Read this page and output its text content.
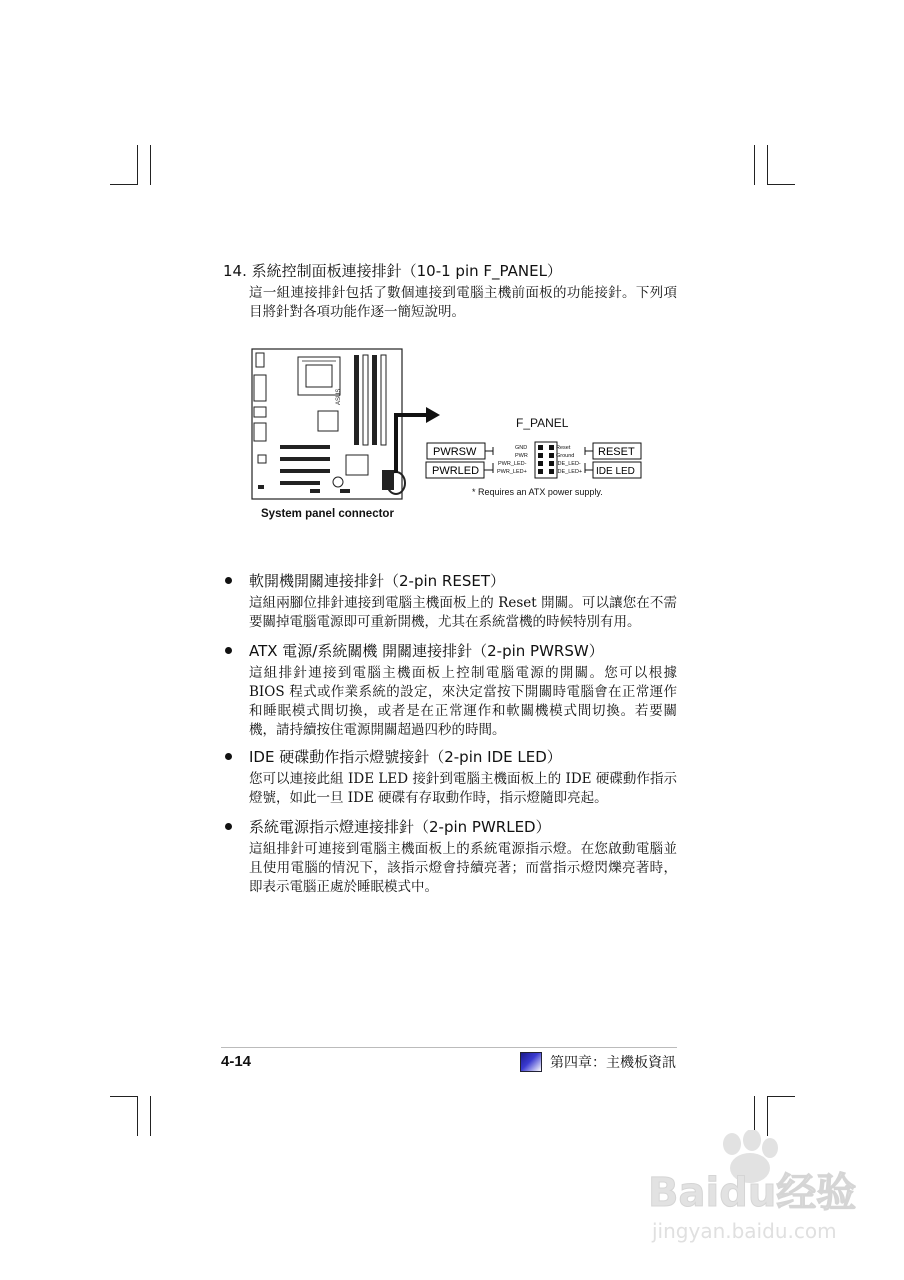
14. 系統控制面板連接排針（10-1 pin F_PANEL）
這一組連接排針包括了數個連接到電腦主機前面板的功能接針。下列項目將針對各項功能作逐一簡短說明。
ASUS
F_PANEL
PWRSW
PWRLED
RESET
IDE LED
GND
PWR
PWR_LED-
PWR_LED+
Reset
Ground
IDE_LED-
IDE_LED+
* Requires an ATX power supply.
System panel connector
軟開機開關連接排針（2-pin RESET）
這組兩腳位排針連接到電腦主機面板上的 Reset 開關。可以讓您在不需要關掉電腦電源即可重新開機，尤其在系統當機的時候特別有用。
ATX 電源/系統關機 開關連接排針（2-pin PWRSW）
這組排針連接到電腦主機面板上控制電腦電源的開關。您可以根據 BIOS 程式或作業系統的設定，來決定當按下開關時電腦會在正常運作和睡眠模式間切換，或者是在正常運作和軟關機模式間切換。若要關機，請持續按住電源開關超過四秒的時間。
IDE 硬碟動作指示燈號接針（2-pin IDE LED）
您可以連接此組 IDE LED 接針到電腦主機面板上的 IDE 硬碟動作指示燈號，如此一旦 IDE 硬碟有存取動作時，指示燈隨即亮起。
系統電源指示燈連接排針（2-pin PWRLED）
這組排針可連接到電腦主機面板上的系統電源指示燈。在您啟動電腦並且使用電腦的情況下，該指示燈會持續亮著；而當指示燈閃爍亮著時，即表示電腦正處於睡眠模式中。
4-14	第四章：主機板資訊
Baidu经验
jingyan.baidu.com
